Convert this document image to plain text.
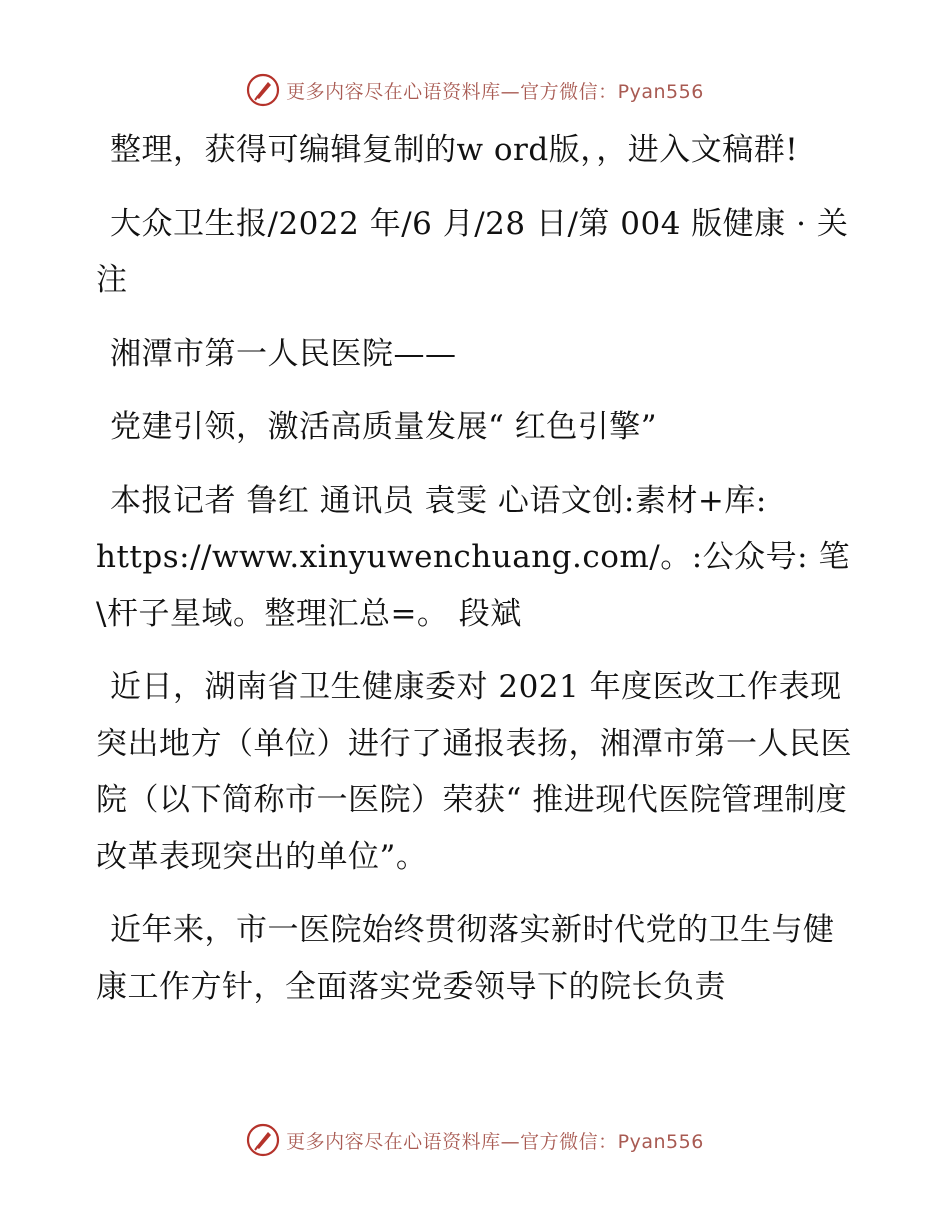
更多内容尽在心语资料库—官方微信：Pyan556

整理，获得可编辑复制的w ord版，，进入文稿群!

大众卫生报/2022 年/6 月/28 日/第 004 版健康 · 关注

湘潭市第一人民医院——

党建引领，激活高质量发展“ 红色引擎”

本报记者 鲁红 通讯员 袁雯 心语文创:素材+库: https://www.xinyuwenchuang.com/。:公众号: 笔\杆子星域。整理汇总=。 段斌

近日，湖南省卫生健康委对 2021 年度医改工作表现突出地方（单位）进行了通报表扬，湘潭市第一人民医院（以下简称市一医院）荣获“ 推进现代医院管理制度改革表现突出的单位”。

近年来，市一医院始终贯彻落实新时代党的卫生与健康工作方针，全面落实党委领导下的院长负责

更多内容尽在心语资料库—官方微信：Pyan556
